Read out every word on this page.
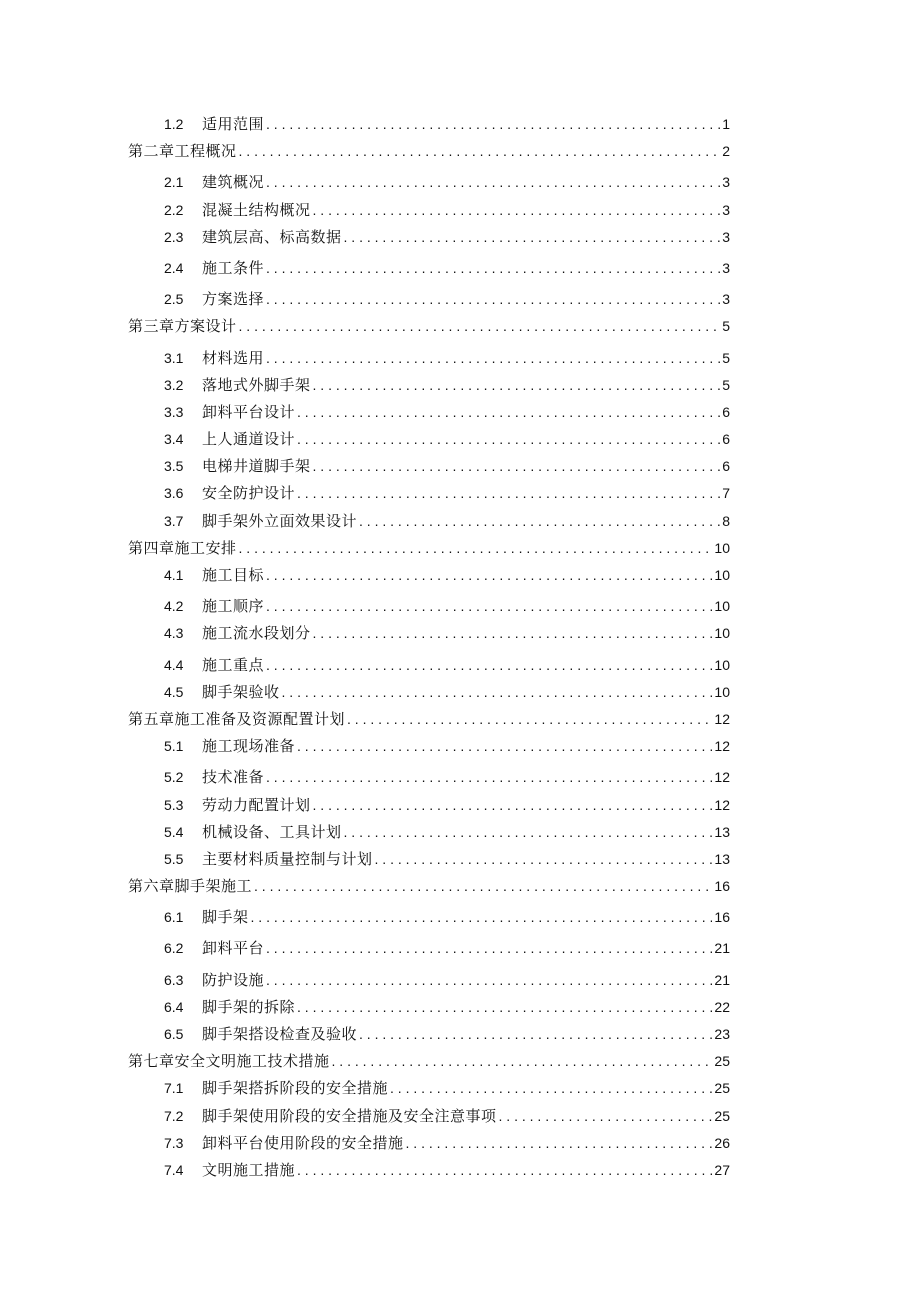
1.2	适用范围 . . .	1
第二章工程概况 . . .	2
2.1	建筑概况 . . .	3
2.2	混凝土结构概况 . . .	3
2.3	建筑层高、标高数据 . . .	3
2.4	施工条件 . . .	3
2.5	方案选择 . . .	3
第三章方案设计 . . .	5
3.1	材料选用 . . .	5
3.2	落地式外脚手架 . . .	5
3.3	卸料平台设计 . . .	6
3.4	上人通道设计 . . .	6
3.5	电梯井道脚手架 . . .	6
3.6	安全防护设计 . . .	7
3.7	脚手架外立面效果设计 . . .	8
第四章施工安排 . . .	10
4.1	施工目标 . . .	10
4.2	施工顺序 . . .	10
4.3	施工流水段划分 . . .	10
4.4	施工重点 . . .	10
4.5	脚手架验收 . . .	10
第五章施工准备及资源配置计划 . . .	12
5.1	施工现场准备 . . .	12
5.2	技术准备 . . .	12
5.3	劳动力配置计划 . . .	12
5.4	机械设备、工具计划 . . .	13
5.5	主要材料质量控制与计划 . . .	13
第六章脚手架施工 . . .	16
6.1	脚手架 . . .	16
6.2	卸料平台 . . .	21
6.3	防护设施 . . .	21
6.4	脚手架的拆除 . . .	22
6.5	脚手架搭设检查及验收 . . .	23
第七章安全文明施工技术措施 . . .	25
7.1	脚手架搭拆阶段的安全措施 . . .	25
7.2	脚手架使用阶段的安全措施及安全注意事项 . . .	25
7.3	卸料平台使用阶段的安全措施 . . .	26
7.4	文明施工措施 . . .	27
